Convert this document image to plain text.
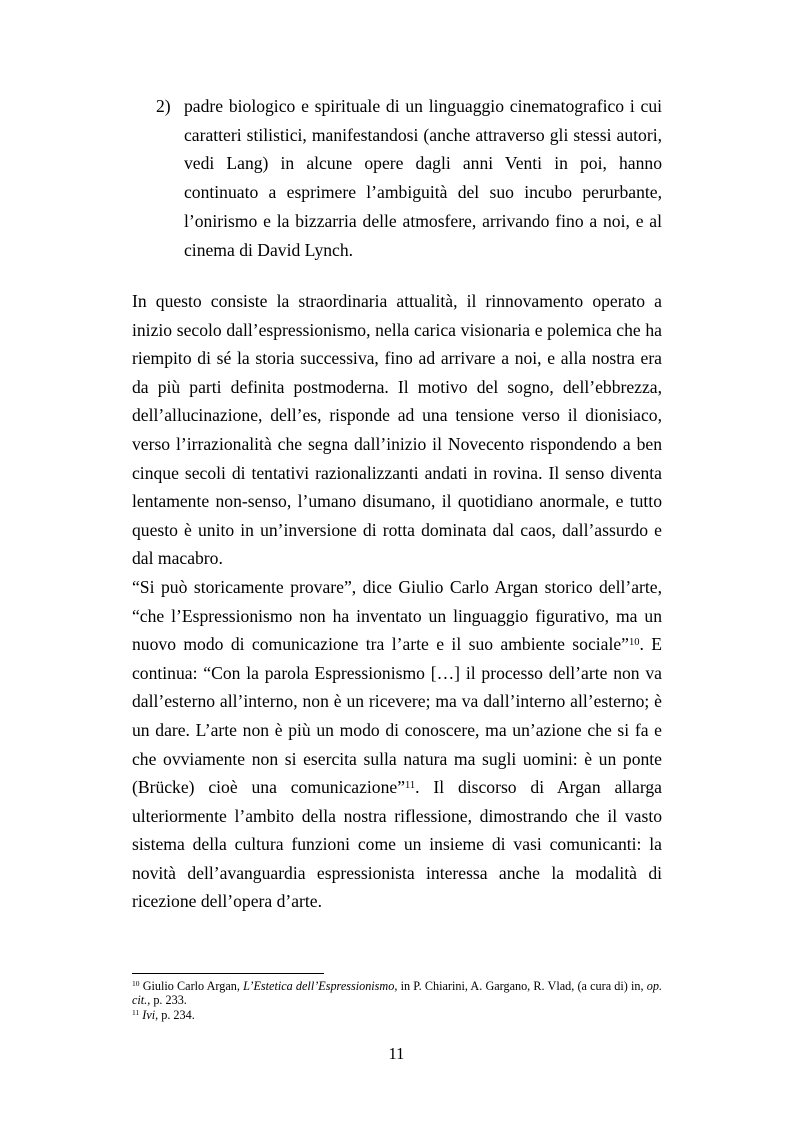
2) padre biologico e spirituale di un linguaggio cinematografico i cui caratteri stilistici, manifestandosi (anche attraverso gli stessi autori, vedi Lang) in alcune opere dagli anni Venti in poi, hanno continuato a esprimere l’ambiguità del suo incubo perurbante, l’onirismo e la bizzarria delle atmosfere, arrivando fino a noi, e al cinema di David Lynch.

In questo consiste la straordinaria attualità, il rinnovamento operato a inizio secolo dall’espressionismo, nella carica visionaria e polemica che ha riempito di sé la storia successiva, fino ad arrivare a noi, e alla nostra era da più parti definita postmoderna. Il motivo del sogno, dell’ebbrezza, dell’allucinazione, dell’es, risponde ad una tensione verso il dionisiaco, verso l’irrazionalità che segna dall’inizio il Novecento rispondendo a ben cinque secoli di tentativi razionalizzanti andati in rovina. Il senso diventa lentamente non-senso, l’umano disumano, il quotidiano anormale, e tutto questo è unito in un’inversione di rotta dominata dal caos, dall’assurdo e dal macabro.

“Si può storicamente provare”, dice Giulio Carlo Argan storico dell’arte, “che l’Espressionismo non ha inventato un linguaggio figurativo, ma un nuovo modo di comunicazione tra l’arte e il suo ambiente sociale”$^{10}$. E continua: “Con la parola Espressionismo […] il processo dell’arte non va dall’esterno all’interno, non è un ricevere; ma va dall’interno all’esterno; è un dare. L’arte non è più un modo di conoscere, ma un’azione che si fa e che ovviamente non si esercita sulla natura ma sugli uomini: è un ponte (Brücke) cioè una comunicazione”$^{11}$. Il discorso di Argan allarga ulteriormente l’ambito della nostra riflessione, dimostrando che il vasto sistema della cultura funzioni come un insieme di vasi comunicanti: la novità dell’avanguardia espressionista interessa anche la modalità di ricezione dell’opera d’arte.

$^{10}$ Giulio Carlo Argan, L’Estetica dell’Espressionismo, in P. Chiarini, A. Gargano, R. Vlad, (a cura di) in, op. cit., p. 233.

$^{11}$ Ivi, p. 234.

11
